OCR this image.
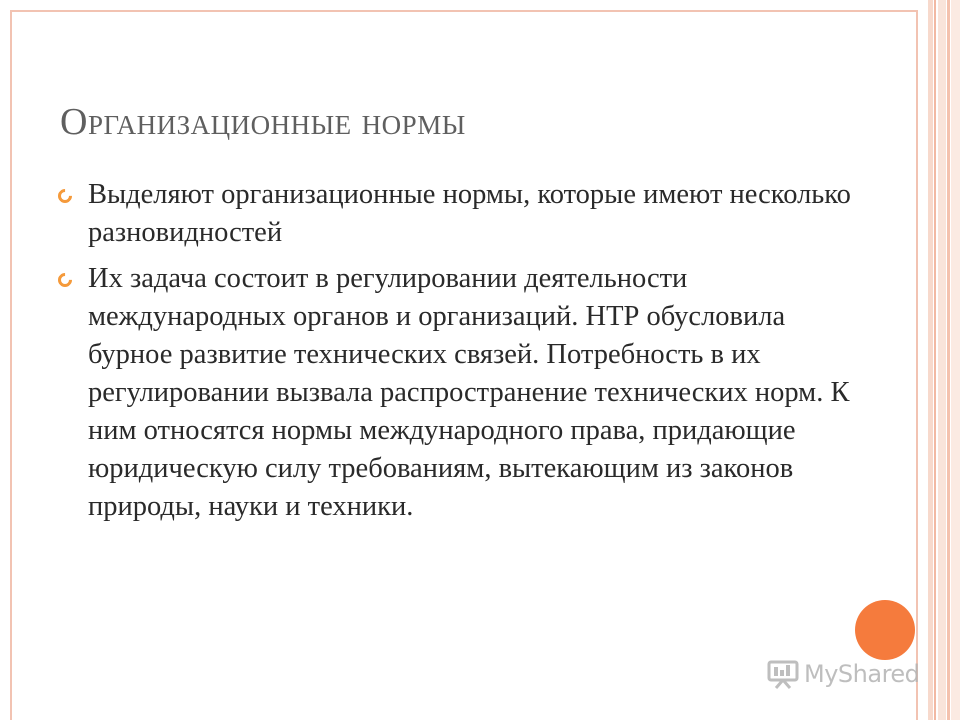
Организационные нормы
Выделяют организационные нормы, которые имеют несколько разновидностей
Их задача состоит в регулировании деятельности международных органов и организаций. НТР обусловила бурное развитие технических связей. Потребность в их регулировании вызвала распространение технических норм. К ним относятся нормы международного права, придающие юридическую силу требованиям, вытекающим из законов природы, науки и техники.
MyShared
